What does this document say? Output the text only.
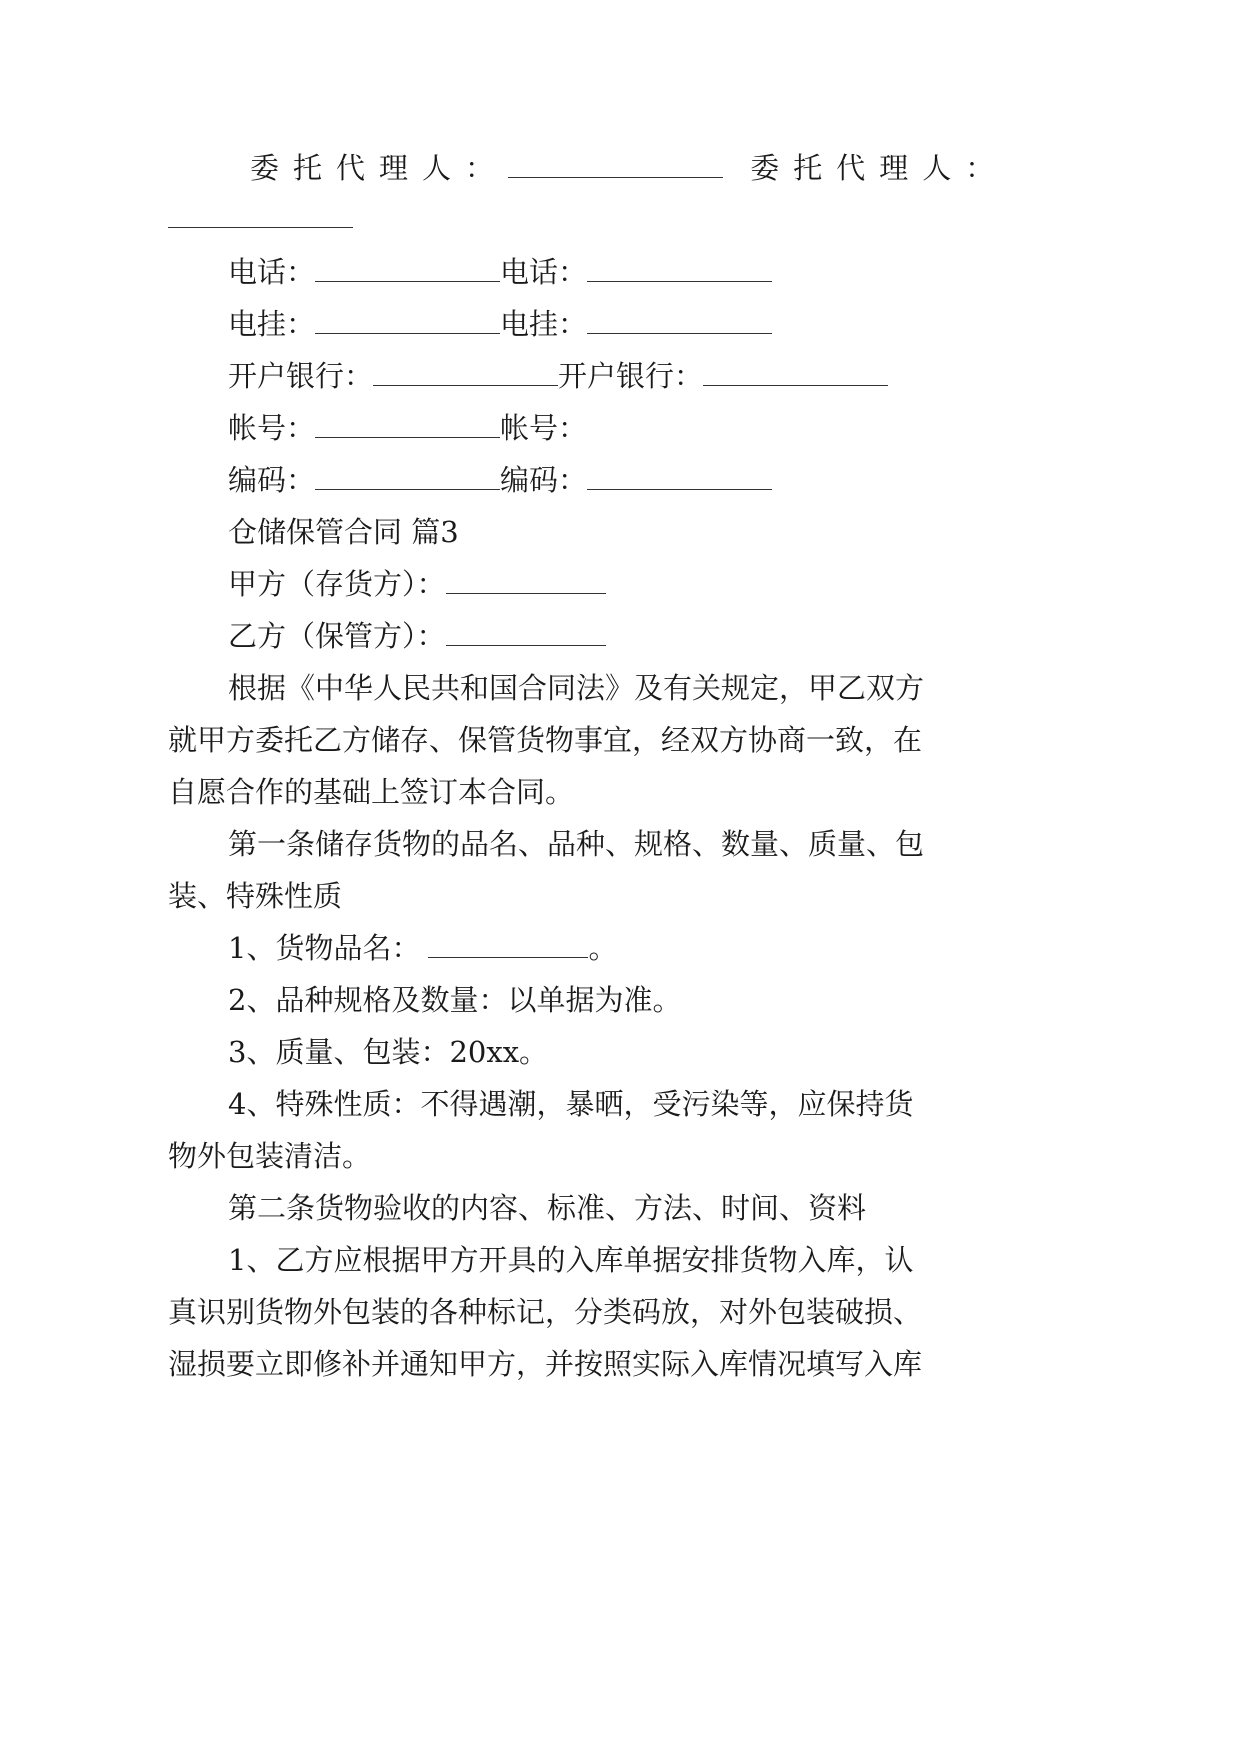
委托代理人：	委托代理人：
电话：	电话：
电挂：	电挂：
开户银行：	开户银行：
帐号：	帐号：
编码：	编码：
仓储保管合同 篇3
甲方（存货方）：
乙方（保管方）：
根据《中华人民共和国合同法》及有关规定，甲乙双方
就甲方委托乙方储存、保管货物事宜，经双方协商一致，在
自愿合作的基础上签订本合同。
第一条储存货物的品名、品种、规格、数量、质量、包
装、特殊性质
1、货物品名：	。
2、品种规格及数量：以单据为准。
3、质量、包装：20xx。
4、特殊性质：不得遇潮，暴晒，受污染等，应保持货
物外包装清洁。
第二条货物验收的内容、标准、方法、时间、资料
1、乙方应根据甲方开具的入库单据安排货物入库，认
真识别货物外包装的各种标记，分类码放，对外包装破损、
湿损要立即修补并通知甲方，并按照实际入库情况填写入库
